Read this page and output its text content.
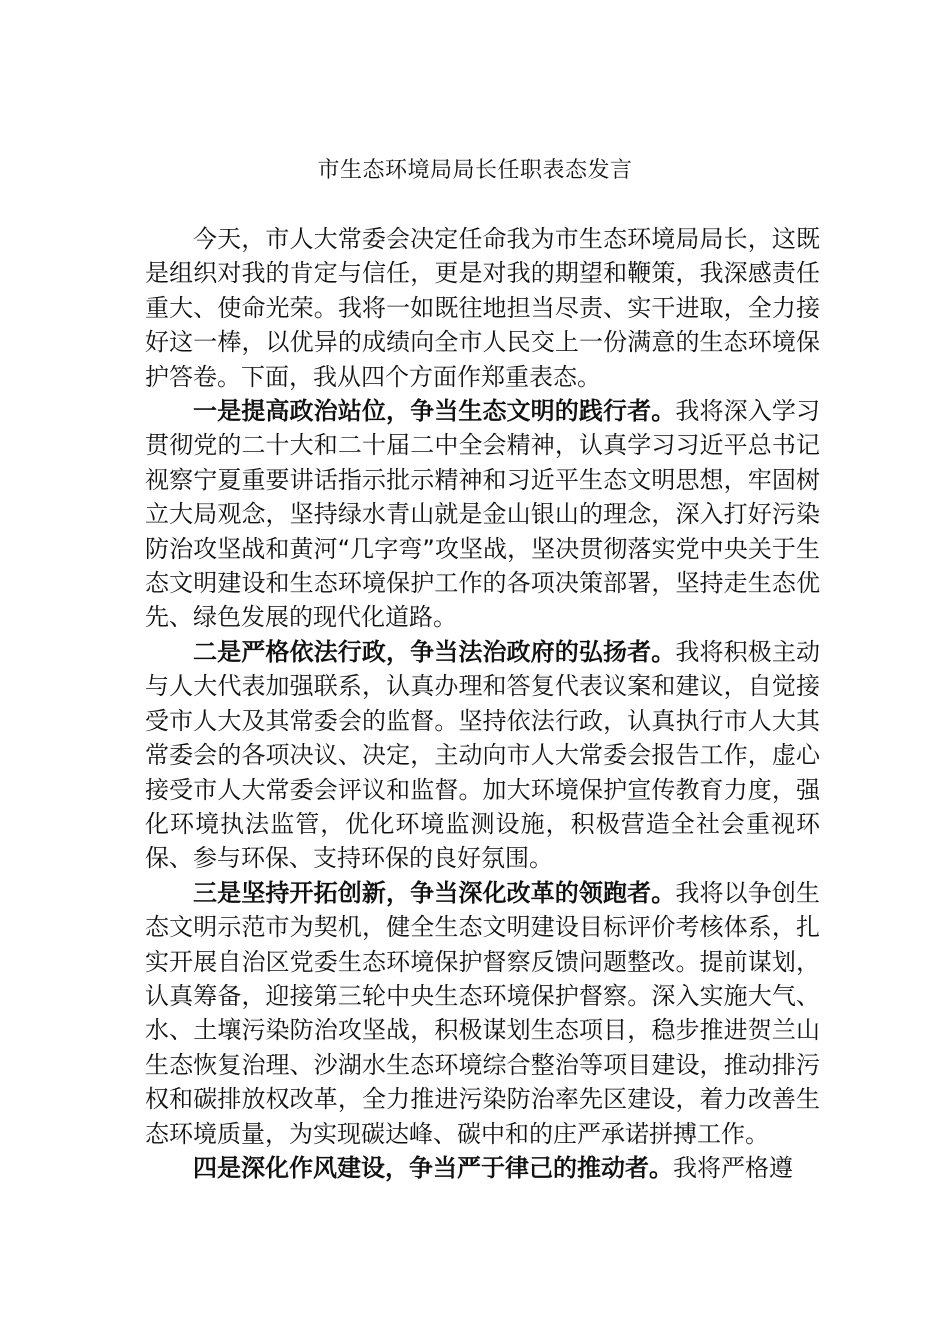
市生态环境局局长任职表态发言

今天，市人大常委会决定任命我为市生态环境局局长，这既是组织对我的肯定与信任，更是对我的期望和鞭策，我深感责任重大、使命光荣。我将一如既往地担当尽责、实干进取，全力接好这一棒，以优异的成绩向全市人民交上一份满意的生态环境保护答卷。下面，我从四个方面作郑重表态。

一是提高政治站位，争当生态文明的践行者。我将深入学习贯彻党的二十大和二十届二中全会精神，认真学习习近平总书记视察宁夏重要讲话指示批示精神和习近平生态文明思想，牢固树立大局观念，坚持绿水青山就是金山银山的理念，深入打好污染防治攻坚战和黄河“几字弯”攻坚战，坚决贯彻落实党中央关于生态文明建设和生态环境保护工作的各项决策部署，坚持走生态优先、绿色发展的现代化道路。

二是严格依法行政，争当法治政府的弘扬者。我将积极主动与人大代表加强联系，认真办理和答复代表议案和建议，自觉接受市人大及其常委会的监督。坚持依法行政，认真执行市人大其常委会的各项决议、决定，主动向市人大常委会报告工作，虚心接受市人大常委会评议和监督。加大环境保护宣传教育力度，强化环境执法监管，优化环境监测设施，积极营造全社会重视环保、参与环保、支持环保的良好氛围。

三是坚持开拓创新，争当深化改革的领跑者。我将以争创生态文明示范市为契机，健全生态文明建设目标评价考核体系，扎实开展自治区党委生态环境保护督察反馈问题整改。提前谋划，认真筹备，迎接第三轮中央生态环境保护督察。深入实施大气、水、土壤污染防治攻坚战，积极谋划生态项目，稳步推进贺兰山生态恢复治理、沙湖水生态环境综合整治等项目建设，推动排污权和碳排放权改革，全力推进污染防治率先区建设，着力改善生态环境质量，为实现碳达峰、碳中和的庄严承诺拼搏工作。

四是深化作风建设，争当严于律己的推动者。我将严格遵
